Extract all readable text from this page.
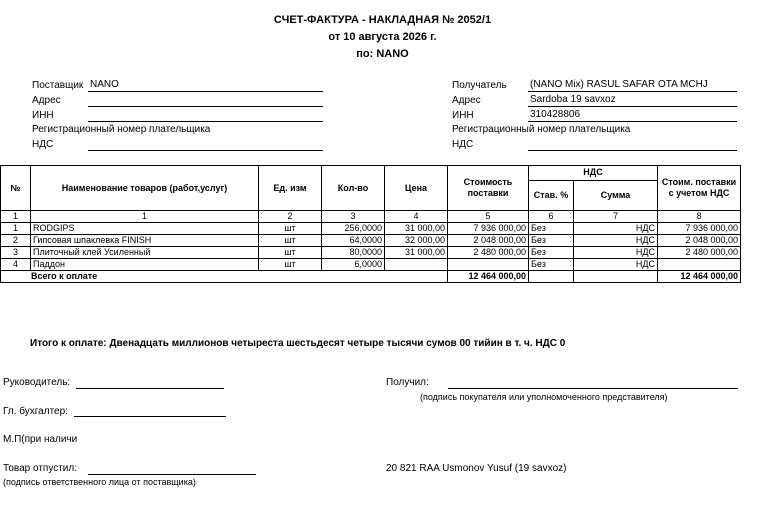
СЧЕТ-ФАКТУРА - НАКЛАДНАЯ № 2052/1
от 10 августа 2026 г.
по: NANO
Поставщик NANO
Адрес
ИНН
Регистрационный номер плательщика
НДС
Получатель (NANO Mix) RASUL SAFAR OTA MCHJ
Адрес	Sardoba 19 savxoz
ИНН	310428806
Регистрационный номер плательщика
НДС
№	Наименование товаров (работ,услуг)	Ед. изм	Кол-во	Цена	Стоимость поставки	НДС		Стоим. поставки с учетом НДС
						Став. %	Сумма	
1	1	2	3	4	5	6	7	8
1	RODGIPS	шт	256,0000	31 000,00	7 936 000,00	Без	НДС	7 936 000,00
2	Гипсовая шпаклевка FINISH	шт	64,0000	32 000,00	2 048 000,00	Без	НДС	2 048 000,00
3	Плиточный клей Усиленный	шт	80,0000	31 000,00	2 480 000,00	Без	НДС	2 480 000,00
4	Паддон	шт	6,0000			Без	НДС	
Всего к оплате					12 464 000,00			12 464 000,00
Итого к оплате: Двенадцать миллионов четыреста шестьдесят четыре тысячи сумов 00 тийин в т. ч. НДС 0
Руководитель:	Получил:
(подпись покупателя или уполномоченного представителя)
Гл. бухгалтер:
М.П(при наличи
Товар отпустил:
(подпись ответственного лица от поставщика)
20 821 RAA Usmonov Yusuf (19 savxoz)
